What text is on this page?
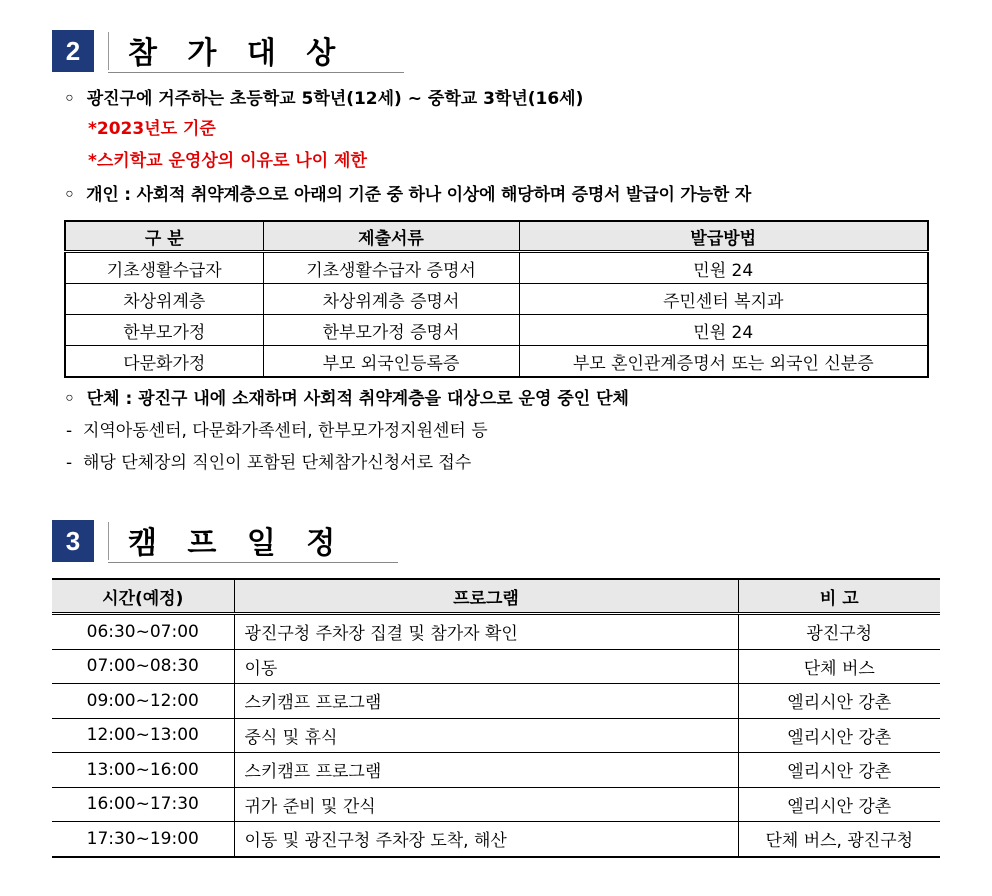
2	참 가 대 상
◦  광진구에 거주하는 초등학교 5학년(12세) ~ 중학교 3학년(16세)
*2023년도 기준
*스키학교 운영상의 이유로 나이 제한
◦  개인 : 사회적 취약계층으로 아래의 기준 중 하나 이상에 해당하며 증명서 발급이 가능한 자
구 분	제출서류	발급방법
기초생활수급자	기초생활수급자 증명서	민원 24
차상위계층	차상위계층 증명서	주민센터 복지과
한부모가정	한부모가정 증명서	민원 24
다문화가정	부모 외국인등록증	부모 혼인관계증명서 또는 외국인 신분증
◦  단체 : 광진구 내에 소재하며 사회적 취약계층을 대상으로 운영 중인 단체
-  지역아동센터, 다문화가족센터, 한부모가정지원센터 등
-  해당 단체장의 직인이 포함된 단체참가신청서로 접수
3	캠 프 일 정
시간(예정)	프로그램	비 고
06:30~07:00	광진구청 주차장 집결 및 참가자 확인	광진구청
07:00~08:30	이동	단체 버스
09:00~12:00	스키캠프 프로그램	엘리시안 강촌
12:00~13:00	중식 및 휴식	엘리시안 강촌
13:00~16:00	스키캠프 프로그램	엘리시안 강촌
16:00~17:30	귀가 준비 및 간식	엘리시안 강촌
17:30~19:00	이동 및 광진구청 주차장 도착, 해산	단체 버스, 광진구청
